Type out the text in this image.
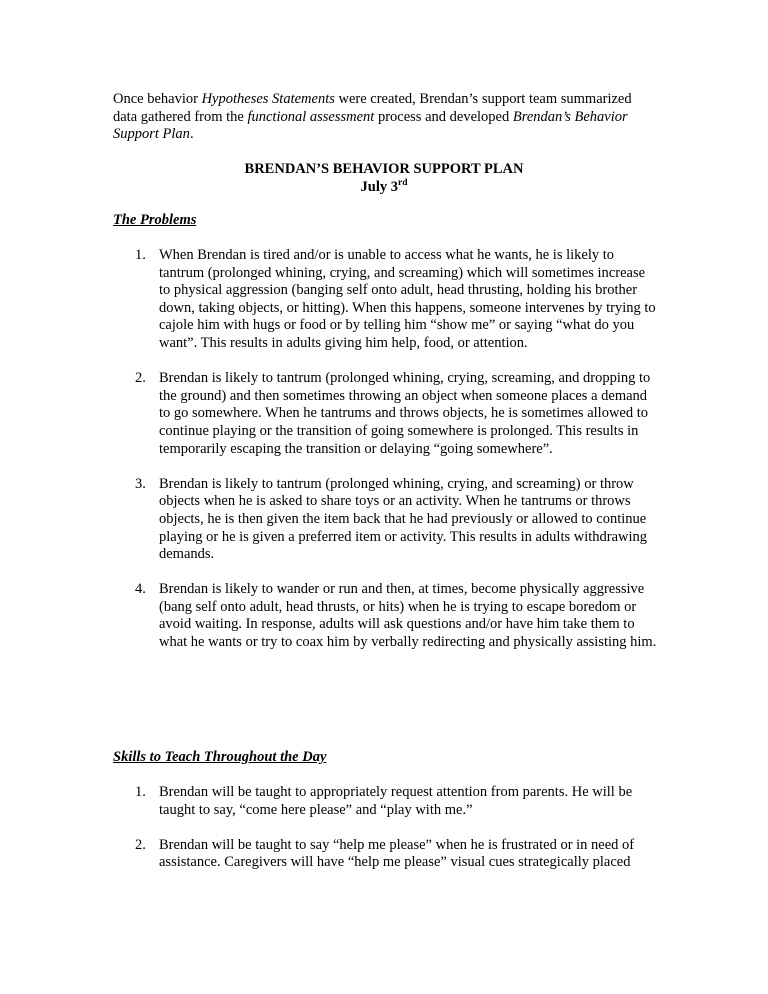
Once behavior Hypotheses Statements were created, Brendan’s support team summarized data gathered from the functional assessment process and developed Brendan’s Behavior Support Plan.

BRENDAN’S BEHAVIOR SUPPORT PLAN
July 3rd
The Problems
1. When Brendan is tired and/or is unable to access what he wants, he is likely to tantrum (prolonged whining, crying, and screaming) which will sometimes increase to physical aggression (banging self onto adult, head thrusting, holding his brother down, taking objects, or hitting). When this happens, someone intervenes by trying to cajole him with hugs or food or by telling him “show me” or saying “what do you want”. This results in adults giving him help, food, or attention.
2. Brendan is likely to tantrum (prolonged whining, crying, screaming, and dropping to the ground) and then sometimes throwing an object when someone places a demand to go somewhere. When he tantrums and throws objects, he is sometimes allowed to continue playing or the transition of going somewhere is prolonged. This results in temporarily escaping the transition or delaying “going somewhere”.
3. Brendan is likely to tantrum (prolonged whining, crying, and screaming) or throw objects when he is asked to share toys or an activity. When he tantrums or throws objects, he is then given the item back that he had previously or allowed to continue playing or he is given a preferred item or activity. This results in adults withdrawing demands.
4. Brendan is likely to wander or run and then, at times, become physically aggressive (bang self onto adult, head thrusts, or hits) when he is trying to escape boredom or avoid waiting. In response, adults will ask questions and/or have him take them to what he wants or try to coax him by verbally redirecting and physically assisting him.
Skills to Teach Throughout the Day
1. Brendan will be taught to appropriately request attention from parents. He will be taught to say, “come here please” and “play with me.”
2. Brendan will be taught to say “help me please” when he is frustrated or in need of assistance. Caregivers will have “help me please” visual cues strategically placed
